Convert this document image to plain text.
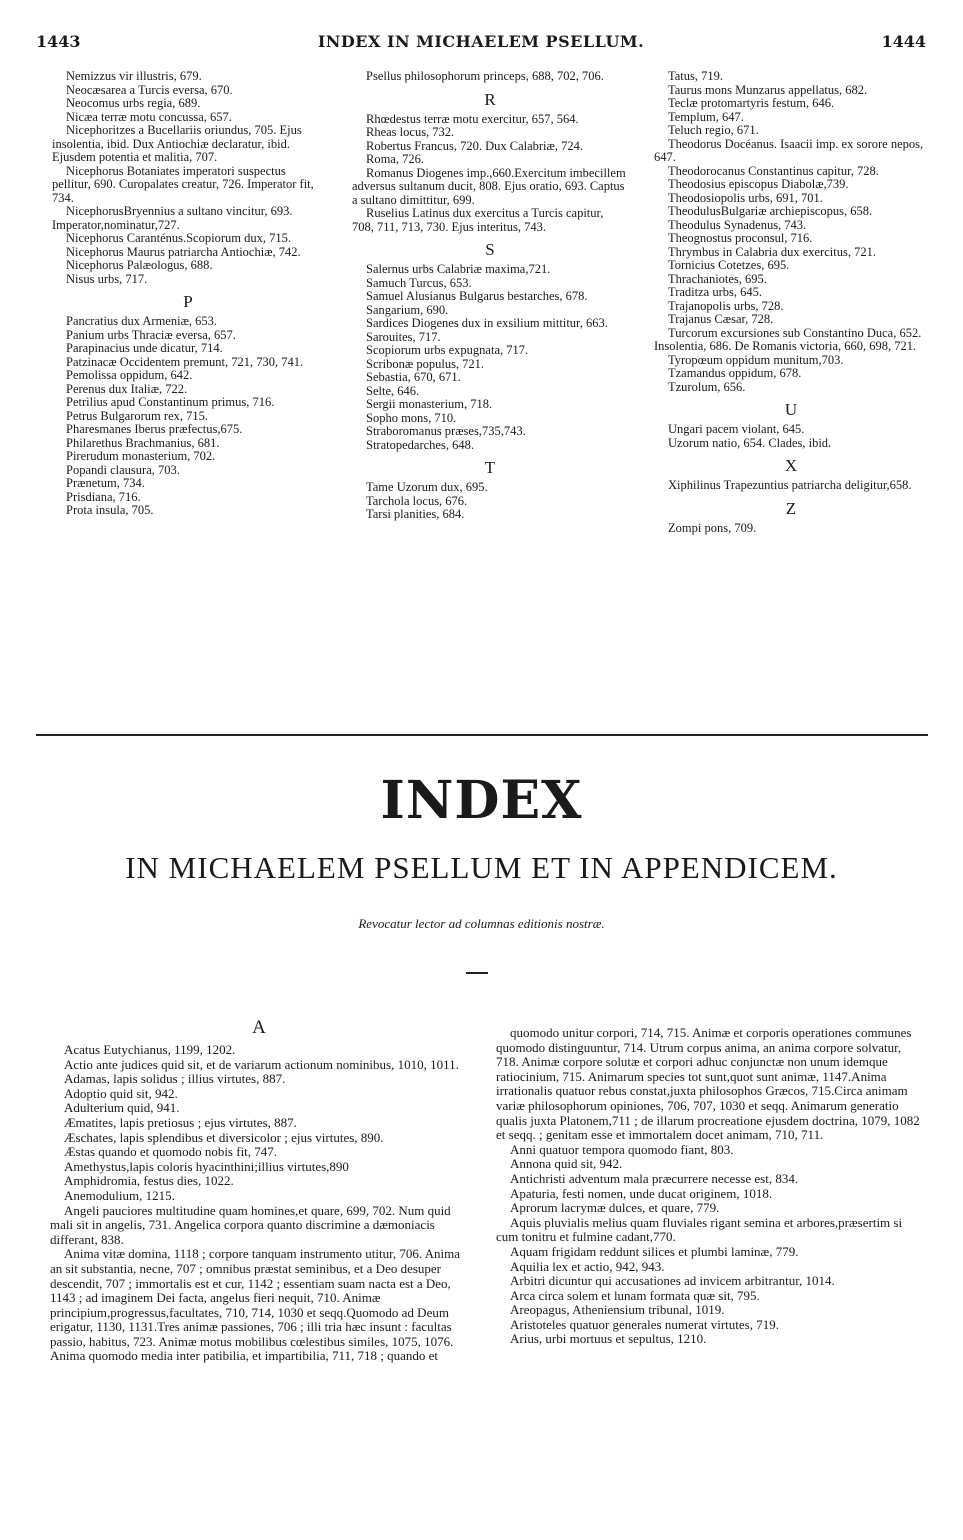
1443	INDEX IN MICHAELEM PSELLUM.	1444

Nemizzus vir illustris, 679.

Neocæsarea a Turcis eversa, 670.

Neocomus urbs regia, 689.

Nicæa terræ motu concussa, 657.

Nicephoritzes a Bucellariis oriundus, 705. Ejus insolentia, ibid. Dux Antiochiæ declaratur, ibid. Ejusdem potentia et malitia, 707.

Nicephorus Botaniates imperatori suspectus pellitur, 690. Curopalates creatur, 726. Imperator fit, 734.

NicephorusBryennius a sultano vincitur, 693. Imperator,nominatur,727.

Nicephorus Caranténus.Scopiorum dux, 715.

Nicephorus Maurus patriarcha Antiochiæ, 742.

Nicephorus Palæologus, 688.

Nisus urbs, 717.

P

Pancratius dux Armeniæ, 653.

Panium urbs Thraciæ eversa, 657.

Parapinacius unde dicatur, 714.

Patzinacæ Occidentem premunt, 721, 730, 741.

Pemolissa oppidum, 642.

Perenus dux Italiæ, 722.

Petrilius apud Constantinum primus, 716.

Petrus Bulgarorum rex, 715.

Pharesmanes Iberus præfectus,675.

Philarethus Brachmanius, 681.

Pirerudum monasterium, 702.

Popandi clausura, 703.

Prænetum, 734.

Prisdiana, 716.

Prota insula, 705.

Psellus philosophorum princeps, 688, 702, 706.

R

Rhœdestus terræ motu exercitur, 657, 564.

Rheas locus, 732.

Robertus Francus, 720. Dux Calabriæ, 724.

Roma, 726.

Romanus Diogenes imp.,660.Exercitum imbecillem adversus sultanum ducit, 808. Ejus oratio, 693. Captus a sultano dimittitur, 699.

Ruselius Latinus dux exercitus a Turcis capitur, 708, 711, 713, 730. Ejus interitus, 743.

S

Salernus urbs Calabriæ maxima,721.

Samuch Turcus, 653.

Samuel Alusianus Bulgarus bestarches, 678.

Sangarium, 690.

Sardices Diogenes dux in exsilium mittitur, 663.

Sarouites, 717.

Scopiorum urbs expugnata, 717.

Scribonæ populus, 721.

Sebastia, 670, 671.

Selte, 646.

Sergii monasterium, 718.

Sopho mons, 710.

Straboromanus præses,735,743.

Stratopedarches, 648.

T

Tame Uzorum dux, 695.

Tarchola locus, 676.

Tarsi planities, 684.

Tatus, 719.

Taurus mons Munzarus appellatus, 682.

Teclæ protomartyris festum, 646.

Templum, 647.

Teluch regio, 671.

Theodorus Docéanus. Isaacii imp. ex sorore nepos, 647.

Theodorocanus Constantinus capitur, 728.

Theodosius episcopus Diabolæ,739.

Theodosiopolis urbs, 691, 701.

TheodulusBulgariæ archiepiscopus, 658.

Theodulus Synadenus, 743.

Theognostus proconsul, 716.

Thrymbus in Calabria dux exercitus, 721.

Tornicius Cotetzes, 695.

Thrachaniotes, 695.

Traditza urbs, 645.

Trajanopolis urbs, 728.

Trajanus Cæsar, 728.

Turcorum excursiones sub Constantino Duca, 652. Insolentia, 686. De Romanis victoria, 660, 698, 721.

Tyropœum oppidum munitum,703.

Tzamandus oppidum, 678.

Tzurolum, 656.

U

Ungari pacem violant, 645.

Uzorum natio, 654. Clades, ibid.

X

Xiphilinus Trapezuntius patriarcha deligitur,658.

Z

Zompi pons, 709.

INDEX
IN MICHAELEM PSELLUM ET IN APPENDICEM.
Revocatur lector ad columnas editionis nostræ.

A

Acatus Eutychianus, 1199, 1202.

Actio ante judices quid sit, et de variarum actionum nominibus, 1010, 1011.

Adamas, lapis solidus ; illius virtutes, 887.

Adoptio quid sit, 942.

Adulterium quid, 941.

Æmatites, lapis pretiosus ; ejus virtutes, 887.

Æschates, lapis splendibus et diversicolor ; ejus virtutes, 890.

Æstas quando et quomodo nobis fit, 747.

Amethystus,lapis coloris hyacinthini;illius virtutes,890

Amphidromia, festus dies, 1022.

Anemodulium, 1215.

Angeli pauciores multitudine quam homines,et quare, 699, 702. Num quid mali sit in angelis, 731. Angelica corpora quanto discrimine a dæmoniacis differant, 838.

Anima vitæ domina, 1118 ; corpore tanquam instrumento utitur, 706. Anima an sit substantia, necne, 707 ; omnibus præstat seminibus, et a Deo desuper descendit, 707 ; immortalis est et cur, 1142 ; essentiam suam nacta est a Deo, 1143 ; ad imaginem Dei facta, angelus fieri nequit, 710. Animæ principium,progressus,facultates, 710, 714, 1030 et seqq.Quomodo ad Deum erigatur, 1130, 1131.Tres animæ passiones, 706 ; illi tria hæc insunt : facultas passio, habitus, 723. Animæ motus mobilibus cœlestibus similes, 1075, 1076. Anima quomodo media inter patibilia, et impartibilia, 711, 718 ; quando et

quomodo unitur corpori, 714, 715. Animæ et corporis operationes communes quomodo distinguuntur, 714. Utrum corpus anima, an anima corpore solvatur, 718. Animæ corpore solutæ et corpori adhuc conjunctæ non unum idemque ratiocinium, 715. Animarum species tot sunt,quot sunt animæ, 1147.Anima irrationalis quatuor rebus constat,juxta philosophos Græcos, 715.Circa animam variæ philosophorum opiniones, 706, 707, 1030 et seqq. Animarum generatio qualis juxta Platonem,711 ; de illarum procreatione ejusdem doctrina, 1079, 1082 et seqq. ; genitam esse et immortalem docet animam, 710, 711.

Anni quatuor tempora quomodo fiant, 803.

Annona quid sit, 942.

Antichristi adventum mala præcurrere necesse est, 834.

Apaturia, festi nomen, unde ducat originem, 1018.

Aprorum lacrymæ dulces, et quare, 779.

Aquis pluvialis melius quam fluviales rigant semina et arbores,præsertim si cum tonitru et fulmine cadant,770.

Aquam frigidam reddunt silices et plumbi laminæ, 779.

Aquilia lex et actio, 942, 943.

Arbitri dicuntur qui accusationes ad invicem arbitrantur, 1014.

Arca circa solem et lunam formata quæ sit, 795.

Areopagus, Atheniensium tribunal, 1019.

Aristoteles quatuor generales numerat virtutes, 719.

Arius, urbi mortuus et sepultus, 1210.
